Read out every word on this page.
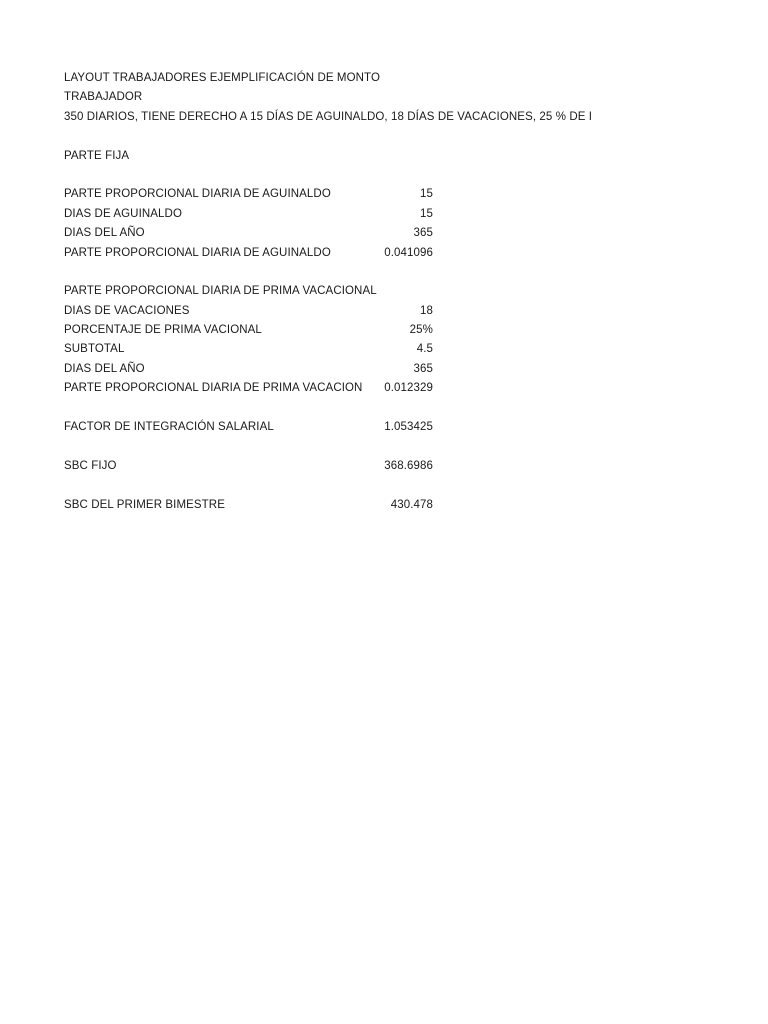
LAYOUT TRABAJADORES EJEMPLIFICACIÓN DE MONTO
TRABAJADOR
350 DIARIOS, TIENE DERECHO A 15 DÍAS DE AGUINALDO, 18 DÍAS DE VACACIONES, 25 % DE I
PARTE FIJA
PARTE PROPORCIONAL DIARIA DE AGUINALDO	15
DIAS DE AGUINALDO	15
DIAS DEL AÑO	365
PARTE PROPORCIONAL DIARIA DE AGUINALDO	0.041096
PARTE PROPORCIONAL DIARIA DE PRIMA VACACIONAL
DIAS DE VACACIONES	18
PORCENTAJE DE PRIMA VACIONAL	25%
SUBTOTAL	4.5
DIAS DEL AÑO	365
PARTE PROPORCIONAL DIARIA DE PRIMA VACACION 0.012329
FACTOR DE INTEGRACIÓN SALARIAL	1.053425
SBC FIJO	368.6986
SBC DEL PRIMER BIMESTRE	430.478
